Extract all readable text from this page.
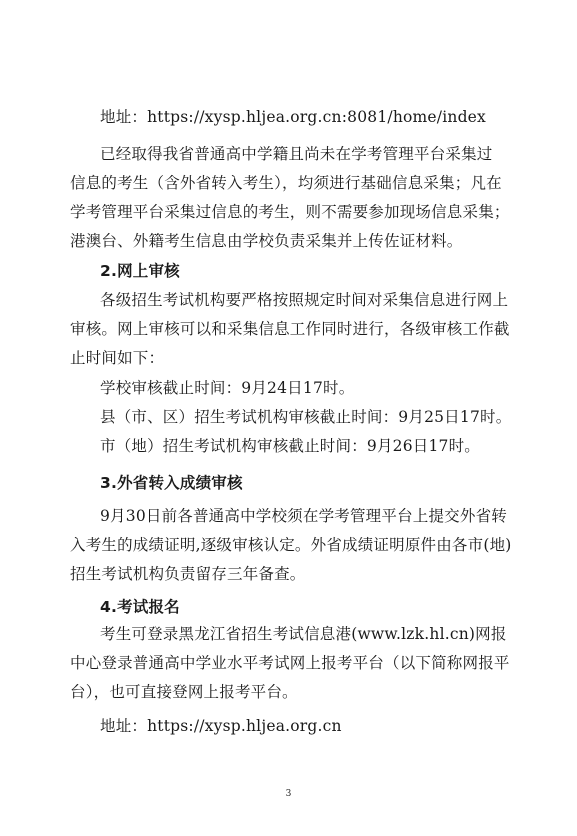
地址：https://xysp.hljea.org.cn:8081/home/index
已经取得我省普通高中学籍且尚未在学考管理平台采集过
信息的考生（含外省转入考生），均须进行基础信息采集；凡在
学考管理平台采集过信息的考生，则不需要参加现场信息采集；
港澳台、外籍考生信息由学校负责采集并上传佐证材料。
2.网上审核
各级招生考试机构要严格按照规定时间对采集信息进行网上
审核。网上审核可以和采集信息工作同时进行，各级审核工作截
止时间如下：
学校审核截止时间：9月24日17时。
县（市、区）招生考试机构审核截止时间：9月25日17时。
市（地）招生考试机构审核截止时间：9月26日17时。
3.外省转入成绩审核
9月30日前各普通高中学校须在学考管理平台上提交外省转
入考生的成绩证明,逐级审核认定。外省成绩证明原件由各市(地)
招生考试机构负责留存三年备查。
4.考试报名
考生可登录黑龙江省招生考试信息港(www.lzk.hl.cn)网报
中心登录普通高中学业水平考试网上报考平台（以下简称网报平
台），也可直接登网上报考平台。
地址：https://xysp.hljea.org.cn
3
